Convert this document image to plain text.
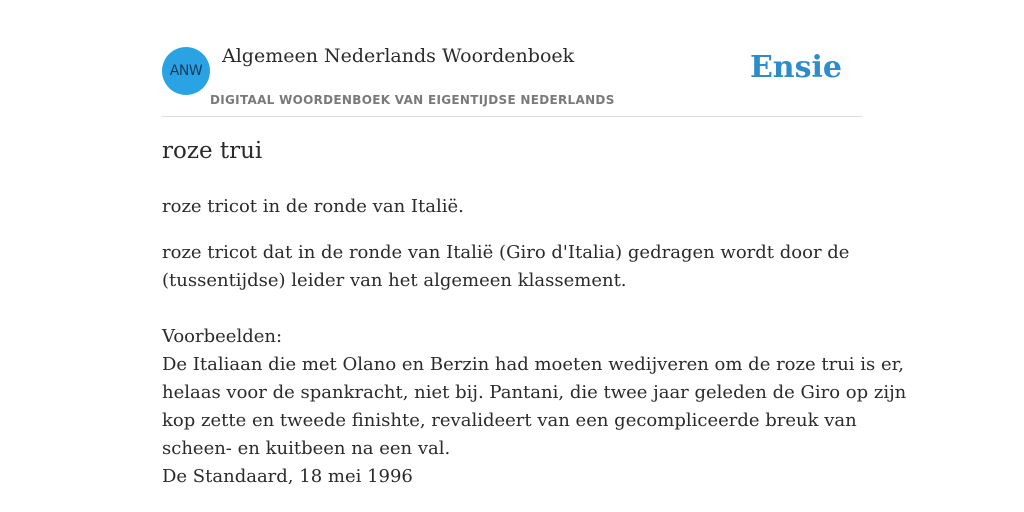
ANW
Algemeen Nederlands Woordenboek
DIGITAAL WOORDENBOEK VAN EIGENTIJDSE NEDERLANDS
Ensie
roze trui
roze tricot in de ronde van Italië.
roze tricot dat in de ronde van Italië (Giro d'Italia) gedragen wordt door de
(tussentijdse) leider van het algemeen klassement.
Voorbeelden:
De Italiaan die met Olano en Berzin had moeten wedijveren om de roze trui is er,
helaas voor de spankracht, niet bij. Pantani, die twee jaar geleden de Giro op zijn
kop zette en tweede finishte, revalideert van een gecompliceerde breuk van
scheen- en kuitbeen na een val.
De Standaard, 18 mei 1996
